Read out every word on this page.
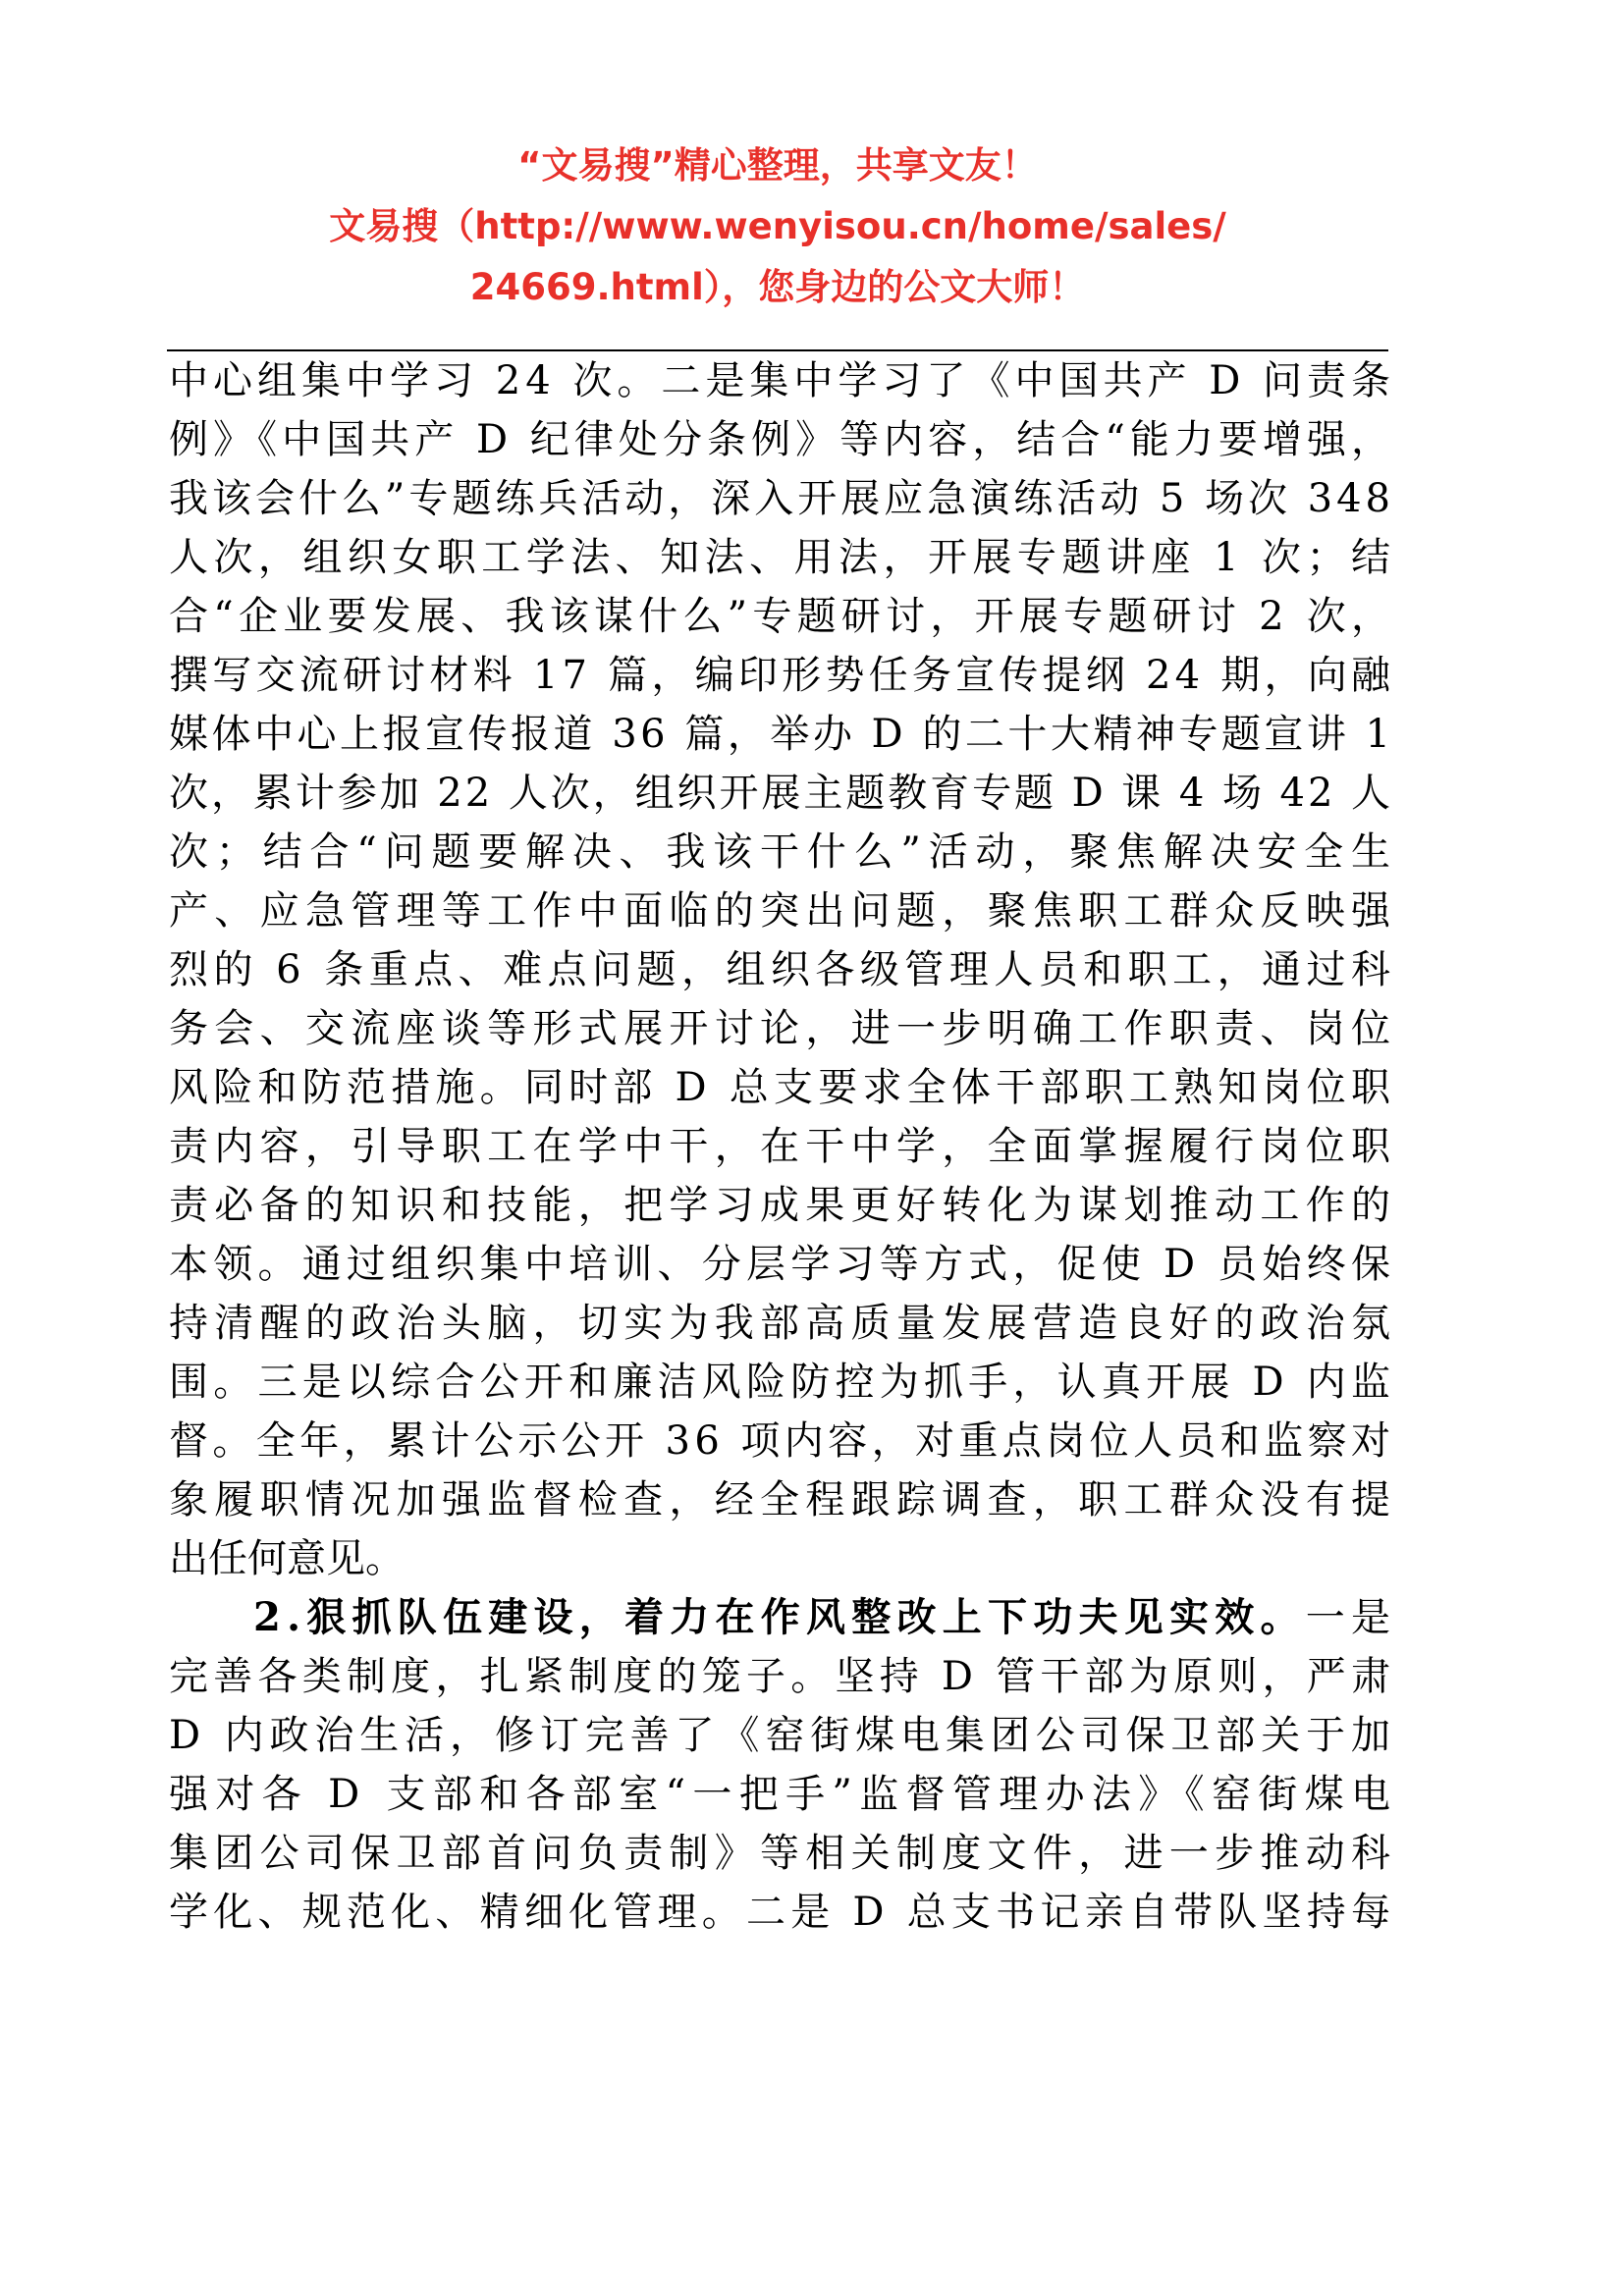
“文易搜”精心整理，共享文友！
文易搜（http://www.wenyisou.cn/home/sales/
24669.html），您身边的公文大师！
中心组集中学习 24 次。二是集中学习了《中国共产 D 问责条
例》《中国共产 D 纪律处分条例》等内容，结合“能力要增强，
我该会什么”专题练兵活动，深入开展应急演练活动 5 场次 348
人次，组织女职工学法、知法、用法，开展专题讲座 1 次；结
合“企业要发展、我该谋什么”专题研讨，开展专题研讨 2 次，
撰写交流研讨材料 17 篇，编印形势任务宣传提纲 24 期，向融
媒体中心上报宣传报道 36 篇，举办 D 的二十大精神专题宣讲 1
次，累计参加 22 人次，组织开展主题教育专题 D 课 4 场 42 人
次；结合“问题要解决、我该干什么”活动，聚焦解决安全生
产、应急管理等工作中面临的突出问题，聚焦职工群众反映强
烈的 6 条重点、难点问题，组织各级管理人员和职工，通过科
务会、交流座谈等形式展开讨论，进一步明确工作职责、岗位
风险和防范措施。同时部 D 总支要求全体干部职工熟知岗位职
责内容，引导职工在学中干，在干中学，全面掌握履行岗位职
责必备的知识和技能，把学习成果更好转化为谋划推动工作的
本领。通过组织集中培训、分层学习等方式，促使 D 员始终保
持清醒的政治头脑，切实为我部高质量发展营造良好的政治氛
围。三是以综合公开和廉洁风险防控为抓手，认真开展 D 内监
督。全年，累计公示公开 36 项内容，对重点岗位人员和监察对
象履职情况加强监督检查，经全程跟踪调查，职工群众没有提
出任何意见。
2.狠抓队伍建设，着力在作风整改上下功夫见实效。一是
完善各类制度，扎紧制度的笼子。坚持 D 管干部为原则，严肃
D 内政治生活，修订完善了《窑街煤电集团公司保卫部关于加
强对各 D 支部和各部室“一把手”监督管理办法》《窑街煤电
集团公司保卫部首问负责制》等相关制度文件，进一步推动科
学化、规范化、精细化管理。二是 D 总支书记亲自带队坚持每
